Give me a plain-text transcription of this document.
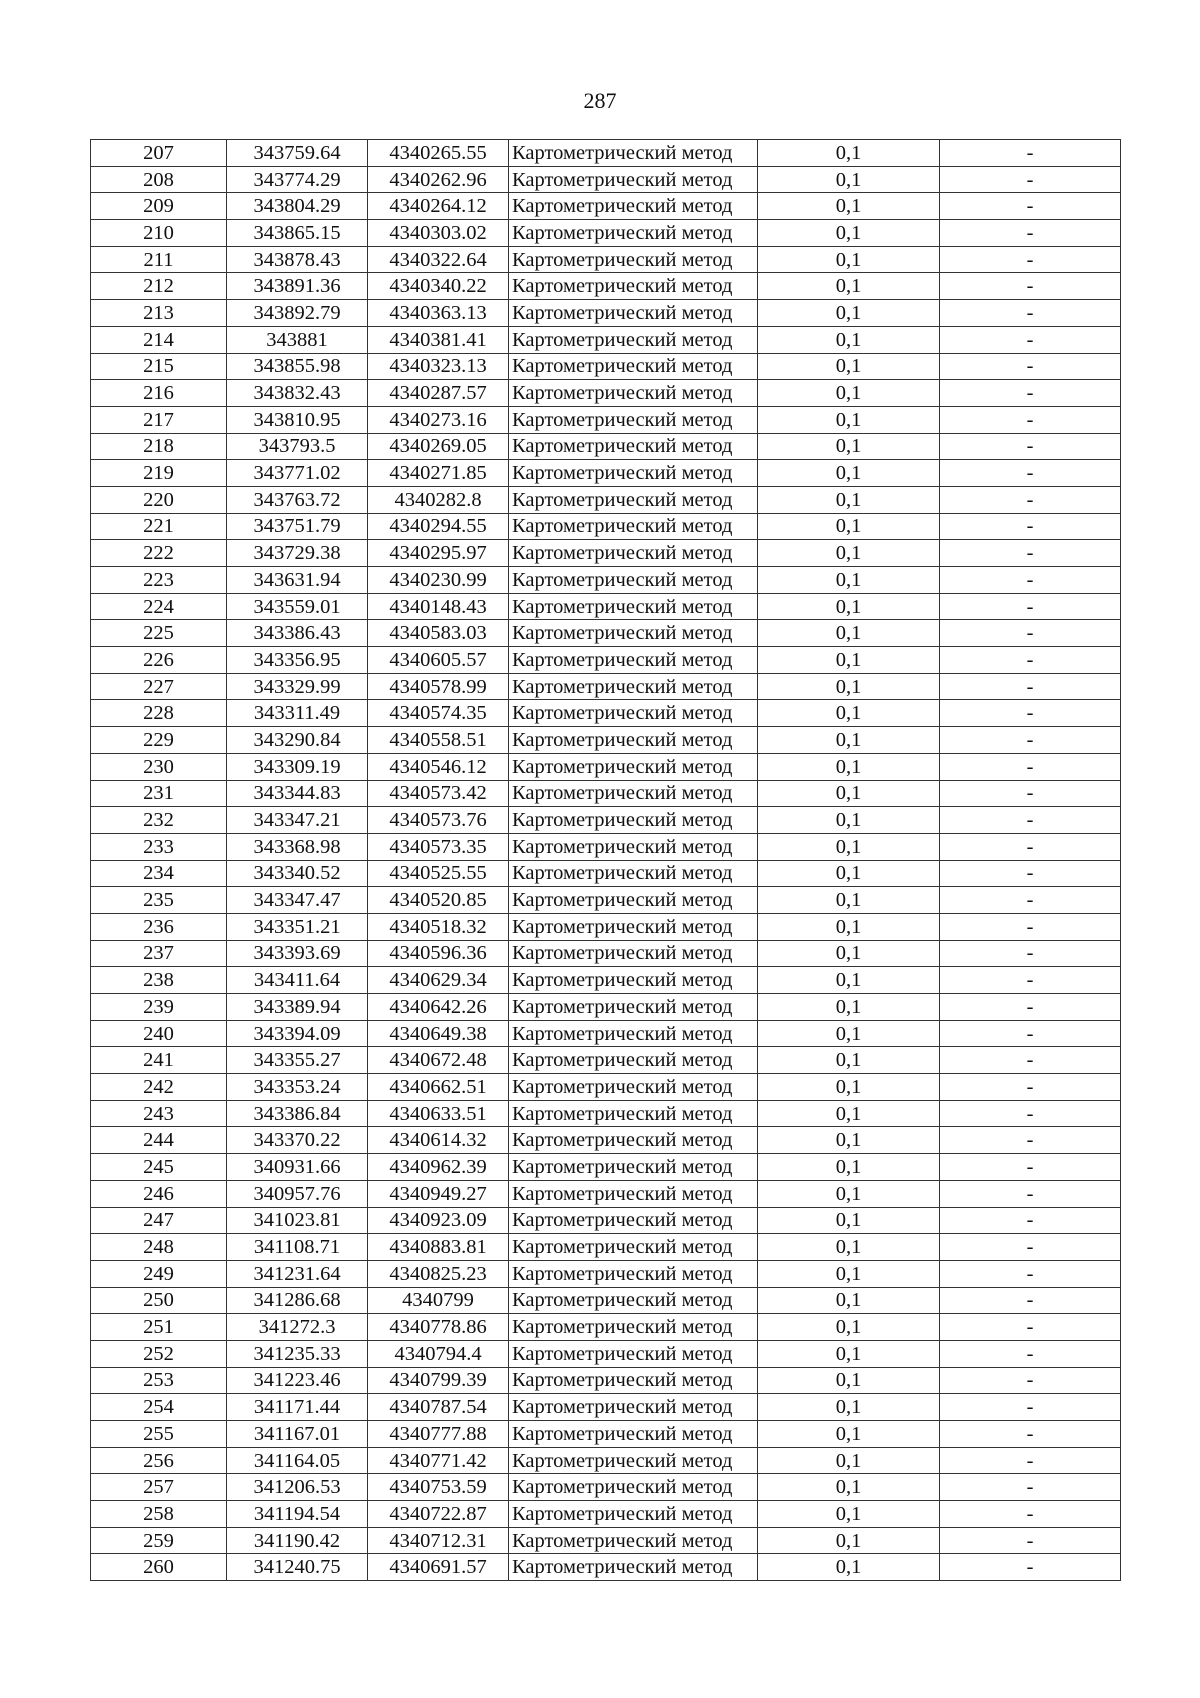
287
207	343759.64	4340265.55	Картометрический метод	0,1	-
208	343774.29	4340262.96	Картометрический метод	0,1	-
209	343804.29	4340264.12	Картометрический метод	0,1	-
210	343865.15	4340303.02	Картометрический метод	0,1	-
211	343878.43	4340322.64	Картометрический метод	0,1	-
212	343891.36	4340340.22	Картометрический метод	0,1	-
213	343892.79	4340363.13	Картометрический метод	0,1	-
214	343881	4340381.41	Картометрический метод	0,1	-
215	343855.98	4340323.13	Картометрический метод	0,1	-
216	343832.43	4340287.57	Картометрический метод	0,1	-
217	343810.95	4340273.16	Картометрический метод	0,1	-
218	343793.5	4340269.05	Картометрический метод	0,1	-
219	343771.02	4340271.85	Картометрический метод	0,1	-
220	343763.72	4340282.8	Картометрический метод	0,1	-
221	343751.79	4340294.55	Картометрический метод	0,1	-
222	343729.38	4340295.97	Картометрический метод	0,1	-
223	343631.94	4340230.99	Картометрический метод	0,1	-
224	343559.01	4340148.43	Картометрический метод	0,1	-
225	343386.43	4340583.03	Картометрический метод	0,1	-
226	343356.95	4340605.57	Картометрический метод	0,1	-
227	343329.99	4340578.99	Картометрический метод	0,1	-
228	343311.49	4340574.35	Картометрический метод	0,1	-
229	343290.84	4340558.51	Картометрический метод	0,1	-
230	343309.19	4340546.12	Картометрический метод	0,1	-
231	343344.83	4340573.42	Картометрический метод	0,1	-
232	343347.21	4340573.76	Картометрический метод	0,1	-
233	343368.98	4340573.35	Картометрический метод	0,1	-
234	343340.52	4340525.55	Картометрический метод	0,1	-
235	343347.47	4340520.85	Картометрический метод	0,1	-
236	343351.21	4340518.32	Картометрический метод	0,1	-
237	343393.69	4340596.36	Картометрический метод	0,1	-
238	343411.64	4340629.34	Картометрический метод	0,1	-
239	343389.94	4340642.26	Картометрический метод	0,1	-
240	343394.09	4340649.38	Картометрический метод	0,1	-
241	343355.27	4340672.48	Картометрический метод	0,1	-
242	343353.24	4340662.51	Картометрический метод	0,1	-
243	343386.84	4340633.51	Картометрический метод	0,1	-
244	343370.22	4340614.32	Картометрический метод	0,1	-
245	340931.66	4340962.39	Картометрический метод	0,1	-
246	340957.76	4340949.27	Картометрический метод	0,1	-
247	341023.81	4340923.09	Картометрический метод	0,1	-
248	341108.71	4340883.81	Картометрический метод	0,1	-
249	341231.64	4340825.23	Картометрический метод	0,1	-
250	341286.68	4340799	Картометрический метод	0,1	-
251	341272.3	4340778.86	Картометрический метод	0,1	-
252	341235.33	4340794.4	Картометрический метод	0,1	-
253	341223.46	4340799.39	Картометрический метод	0,1	-
254	341171.44	4340787.54	Картометрический метод	0,1	-
255	341167.01	4340777.88	Картометрический метод	0,1	-
256	341164.05	4340771.42	Картометрический метод	0,1	-
257	341206.53	4340753.59	Картометрический метод	0,1	-
258	341194.54	4340722.87	Картометрический метод	0,1	-
259	341190.42	4340712.31	Картометрический метод	0,1	-
260	341240.75	4340691.57	Картометрический метод	0,1	-
